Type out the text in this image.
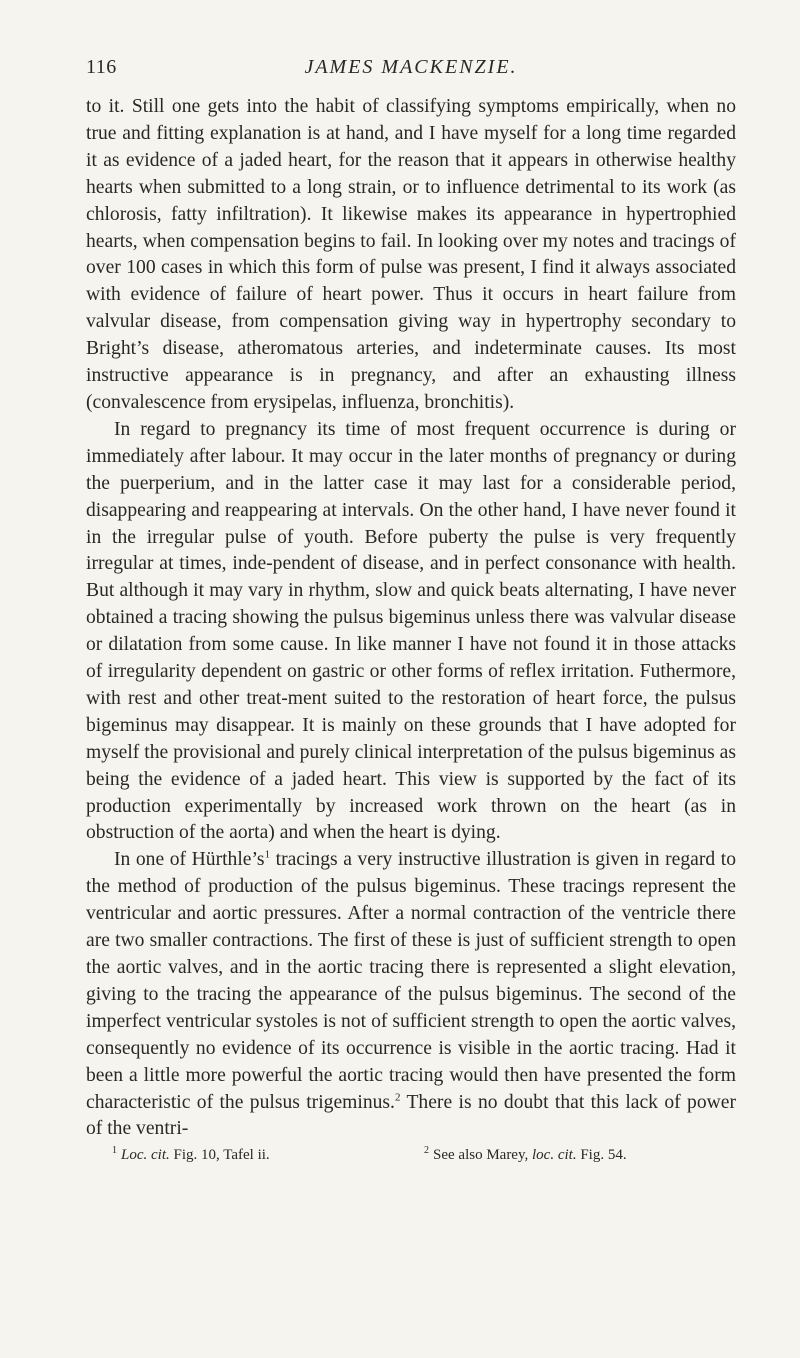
116	JAMES MACKENZIE.

to it. Still one gets into the habit of classifying symptoms empirically, when no true and fitting explanation is at hand, and I have myself for a long time regarded it as evidence of a jaded heart, for the reason that it appears in otherwise healthy hearts when submitted to a long strain, or to influence detrimental to its work (as chlorosis, fatty infiltration). It likewise makes its appearance in hypertrophied hearts, when compensation begins to fail. In looking over my notes and tracings of over 100 cases in which this form of pulse was present, I find it always associated with evidence of failure of heart power. Thus it occurs in heart failure from valvular disease, from compensation giving way in hypertrophy secondary to Bright’s disease, atheromatous arteries, and indeterminate causes. Its most instructive appearance is in pregnancy, and after an exhausting illness (convalescence from erysipelas, influenza, bronchitis).

In regard to pregnancy its time of most frequent occurrence is during or immediately after labour. It may occur in the later months of pregnancy or during the puerperium, and in the latter case it may last for a considerable period, disappearing and reappearing at intervals. On the other hand, I have never found it in the irregular pulse of youth. Before puberty the pulse is very frequently irregular at times, inde-pendent of disease, and in perfect consonance with health. But although it may vary in rhythm, slow and quick beats alternating, I have never obtained a tracing showing the pulsus bigeminus unless there was valvular disease or dilatation from some cause. In like manner I have not found it in those attacks of irregularity dependent on gastric or other forms of reflex irritation. Futhermore, with rest and other treat-ment suited to the restoration of heart force, the pulsus bigeminus may disappear. It is mainly on these grounds that I have adopted for myself the provisional and purely clinical interpretation of the pulsus bigeminus as being the evidence of a jaded heart. This view is supported by the fact of its production experimentally by increased work thrown on the heart (as in obstruction of the aorta) and when the heart is dying.

In one of $Hürthle’s^1$ tracings a very instructive illustration is given in regard to the method of production of the pulsus bigeminus. These tracings represent the ventricular and aortic pressures. After a normal contraction of the ventricle there are two smaller contractions. The first of these is just of sufficient strength to open the aortic valves, and in the aortic tracing there is represented a slight elevation, giving to the tracing the appearance of the pulsus bigeminus. The second of the imperfect ventricular systoles is not of sufficient strength to open the aortic valves, consequently no evidence of its occurrence is visible in the aortic tracing. Had it been a little more powerful the aortic tracing would then have presented the form characteristic of the pulsus trigeminus.$^2$ There is no doubt that this lack of power of the ventri-

$^1$ Loc. cit. Fig. 10, Tafel ii.	$^2$ See also Marey, loc. cit. Fig. 54.
